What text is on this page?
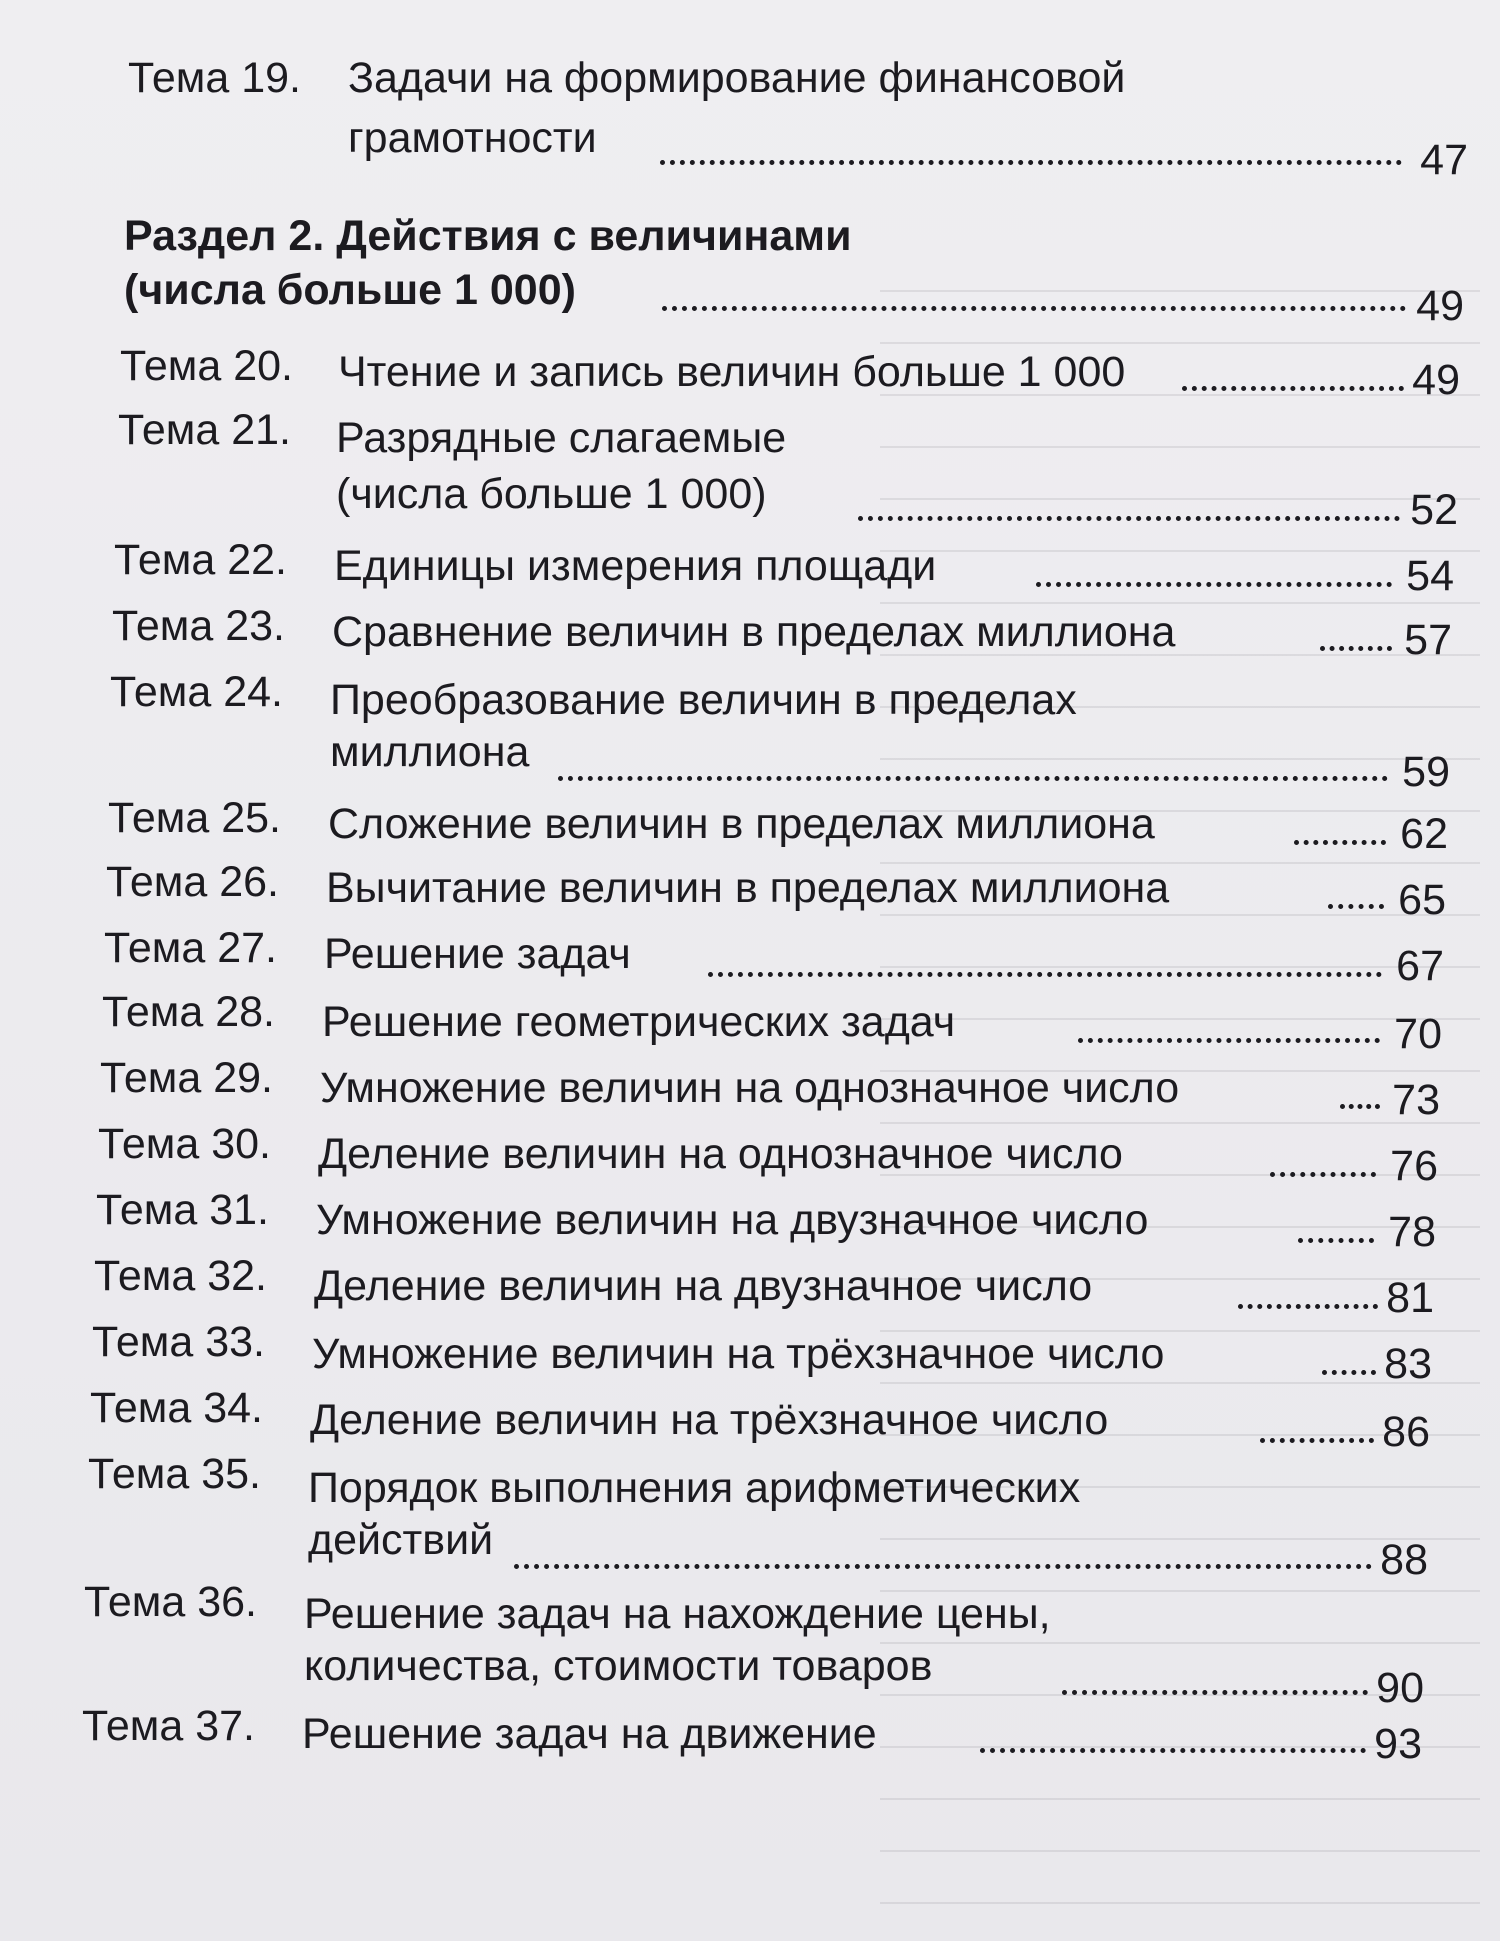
Тема 19. Задачи на формирование финансовой
грамотности	47
Раздел 2. Действия с величинами
(числа больше 1 000)	49
Тема 20. Чтение и запись величин больше 1 000	49
Тема 21. Разрядные слагаемые
(числа больше 1 000)	52
Тема 22. Единицы измерения площади	54
Тема 23. Сравнение величин в пределах миллиона	57
Тема 24. Преобразование величин в пределах
миллиона	59
Тема 25. Сложение величин в пределах миллиона	62
Тема 26. Вычитание величин в пределах миллиона	65
Тема 27. Решение задач	67
Тема 28. Решение геометрических задач	70
Тема 29. Умножение величин на однозначное число	73
Тема 30. Деление величин на однозначное число	76
Тема 31. Умножение величин на двузначное число	78
Тема 32. Деление величин на двузначное число	81
Тема 33. Умножение величин на трёхзначное число	83
Тема 34. Деление величин на трёхзначное число	86
Тема 35. Порядок выполнения арифметических
действий	88
Тема 36. Решение задач на нахождение цены,
количества, стоимости товаров	90
Тема 37. Решение задач на движение	93
